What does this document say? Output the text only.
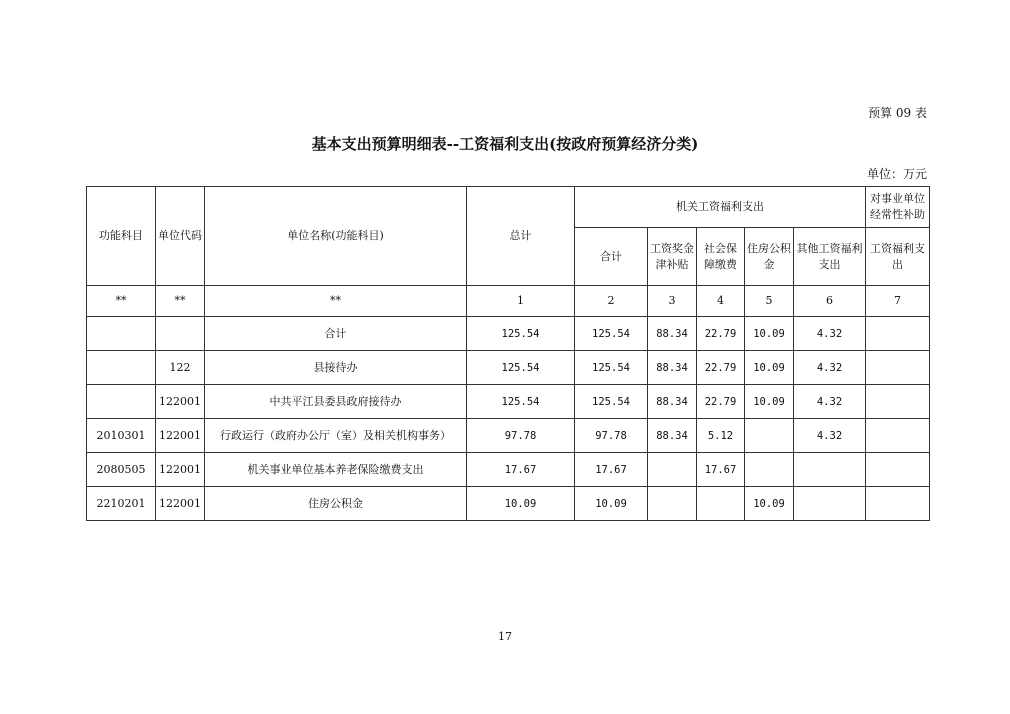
预算 09 表
基本支出预算明细表--工资福利支出(按政府预算经济分类)
单位：万元
功能科目	单位代码	单位名称(功能科目)	总计	机关工资福利支出					对事业单位经常性补助
				合计	工资奖金津补贴	社会保障缴费	住房公积金	其他工资福利支出	工资福利支出
**	**	**	1	2	3	4	5	6	7
		合计	125.54	125.54	88.34	22.79	10.09	4.32	
	122	县接待办	125.54	125.54	88.34	22.79	10.09	4.32	
	122001	中共平江县委县政府接待办	125.54	125.54	88.34	22.79	10.09	4.32	
2010301	122001	行政运行（政府办公厅（室）及相关机构事务）	97.78	97.78	88.34	5.12		4.32	
2080505	122001	机关事业单位基本养老保险缴费支出	17.67	17.67		17.67			
2210201	122001	住房公积金	10.09	10.09			10.09		
17
